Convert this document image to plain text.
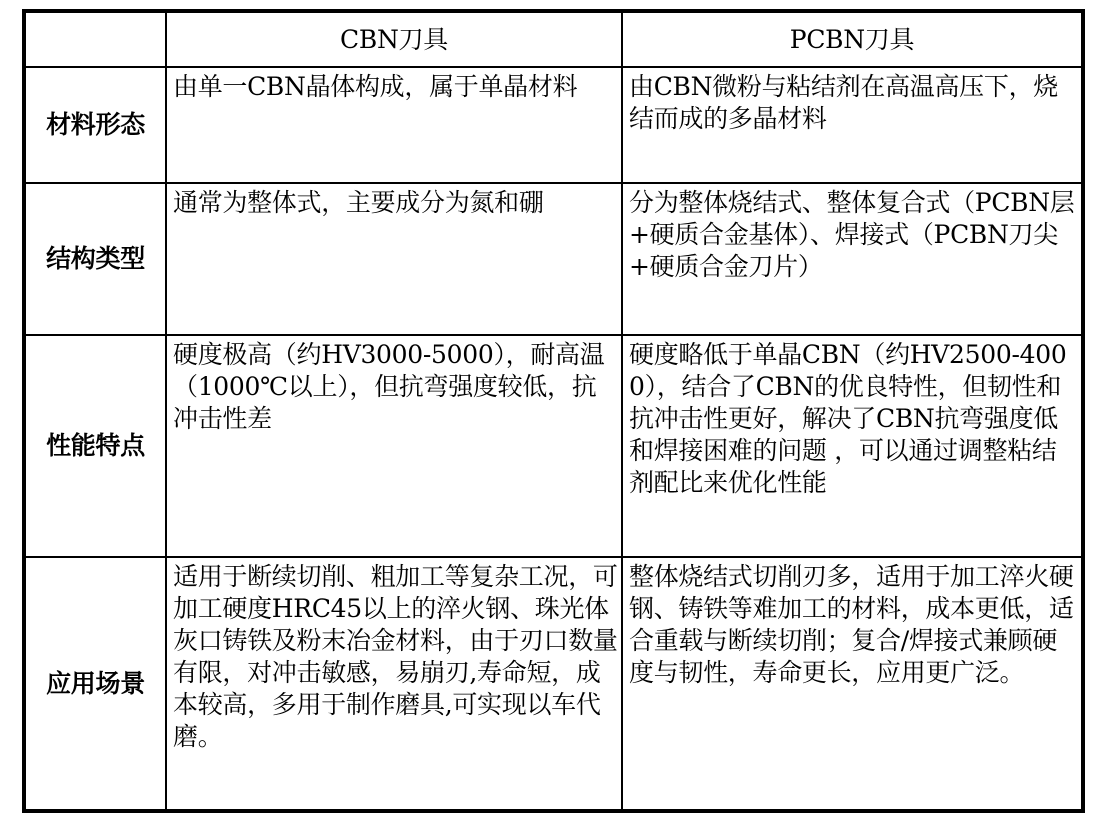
	CBN刀具	PCBN刀具
材料形态	由单一CBN晶体构成，属于单晶材料	由CBN微粉与粘结剂在高温高压下，烧结而成的多晶材料
结构类型	通常为整体式，主要成分为氮和硼	分为整体烧结式、整体复合式（PCBN层+硬质合金基体）、焊接式（PCBN刀尖+硬质合金刀片）
性能特点	硬度极高（约HV3000-5000），耐高温（1000℃以上），但抗弯强度较低，抗冲击性差	硬度略低于单晶CBN（约HV2500-4000），结合了CBN的优良特性，但韧性和抗冲击性更好，解决了CBN抗弯强度低和焊接困难的问题 ，可以通过调整粘结剂配比来优化性能
应用场景	适用于断续切削、粗加工等复杂工况，可加工硬度HRC45以上的淬火钢、珠光体灰口铸铁及粉末冶金材料，由于刃口数量有限，对冲击敏感，易崩刃,寿命短，成本较高，多用于制作磨具,可实现以车代磨。	整体烧结式切削刃多，适用于加工淬火硬钢、铸铁等难加工的材料，成本更低，适合重载与断续切削；复合/焊接式兼顾硬度与韧性，寿命更长，应用更广泛。
